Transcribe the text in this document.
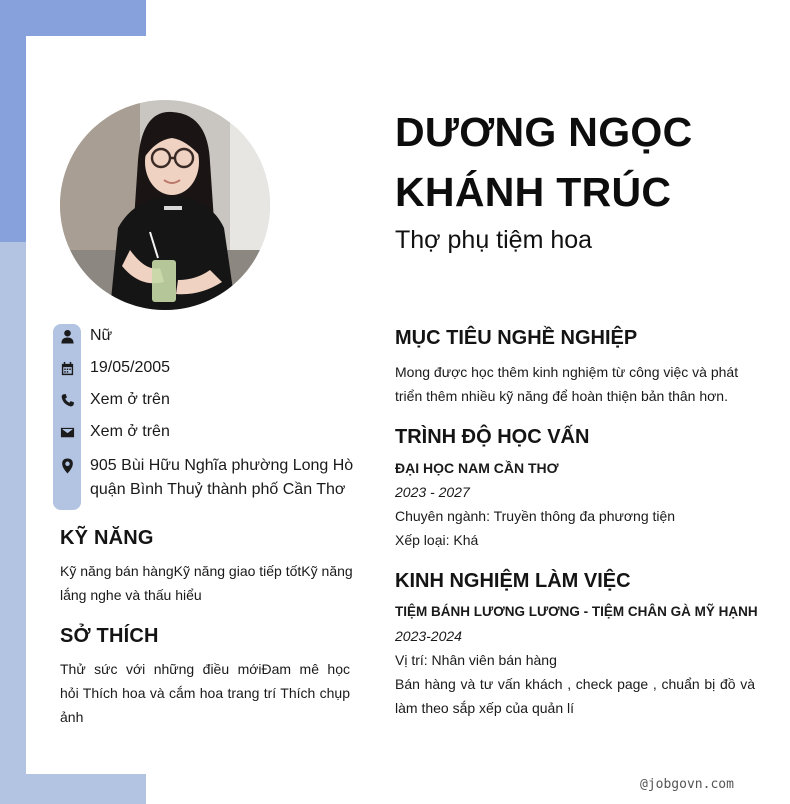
DƯƠNG NGỌC
KHÁNH TRÚC
Thợ phụ tiệm hoa
Nữ
19/05/2005
Xem ở trên
Xem ở trên
905 Bùi Hữu Nghĩa phường Long Hò
quận Bình Thuỷ thành phố Cần Thơ
KỸ NĂNG
Kỹ năng bán hàngKỹ năng giao tiếp tốtKỹ năng
lắng nghe và thấu hiểu
SỞ THÍCH
Thử sức với những điều mớiĐam mê học
hỏi Thích hoa và cắm hoa trang trí Thích chụp
ảnh
MỤC TIÊU NGHỀ NGHIỆP
Mong được học thêm kinh nghiệm từ công việc và phát
triển thêm nhiều kỹ năng để hoàn thiện bản thân hơn.
TRÌNH ĐỘ HỌC VẤN
ĐẠI HỌC NAM CẦN THƠ
2023 - 2027
Chuyên ngành: Truyền thông đa phương tiện
Xếp loại: Khá
KINH NGHIỆM LÀM VIỆC
TIỆM BÁNH LƯƠNG LƯƠNG - TIỆM CHÂN GÀ MỸ HẠNH
2023-2024
Vị trí: Nhân viên bán hàng
Bán hàng và tư vấn khách , check page , chuẩn bị đồ và
làm theo sắp xếp của quản lí
@jobgovn.com
